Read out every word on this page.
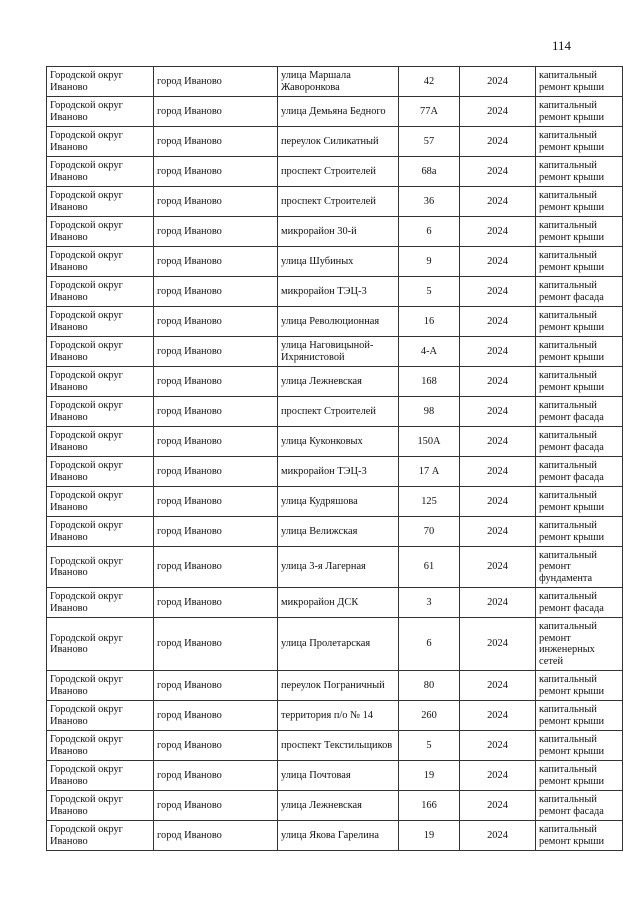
114
Городской округ Иваново	город Иваново	улица Маршала Жаворонкова	42	2024	капитальный ремонт крыши
Городской округ Иваново	город Иваново	улица Демьяна Бедного	77А	2024	капитальный ремонт крыши
Городской округ Иваново	город Иваново	переулок Силикатный	57	2024	капитальный ремонт крыши
Городской округ Иваново	город Иваново	проспект Строителей	68а	2024	капитальный ремонт крыши
Городской округ Иваново	город Иваново	проспект Строителей	36	2024	капитальный ремонт крыши
Городской округ Иваново	город Иваново	микрорайон 30-й	6	2024	капитальный ремонт крыши
Городской округ Иваново	город Иваново	улица Шубиных	9	2024	капитальный ремонт крыши
Городской округ Иваново	город Иваново	микрорайон ТЭЦ-3	5	2024	капитальный ремонт фасада
Городской округ Иваново	город Иваново	улица Революционная	16	2024	капитальный ремонт крыши
Городской округ Иваново	город Иваново	улица Наговицыной-Ихрянистовой	4-А	2024	капитальный ремонт крыши
Городской округ Иваново	город Иваново	улица Лежневская	168	2024	капитальный ремонт крыши
Городской округ Иваново	город Иваново	проспект Строителей	98	2024	капитальный ремонт фасада
Городской округ Иваново	город Иваново	улица Куконковых	150А	2024	капитальный ремонт фасада
Городской округ Иваново	город Иваново	микрорайон ТЭЦ-3	17 А	2024	капитальный ремонт фасада
Городской округ Иваново	город Иваново	улица Кудряшова	125	2024	капитальный ремонт крыши
Городской округ Иваново	город Иваново	улица Велижская	70	2024	капитальный ремонт крыши
Городской округ Иваново	город Иваново	улица 3-я Лагерная	61	2024	капитальный ремонт фундамента
Городской округ Иваново	город Иваново	микрорайон ДСК	3	2024	капитальный ремонт фасада
Городской округ Иваново	город Иваново	улица Пролетарская	6	2024	капитальный ремонт инженерных сетей
Городской округ Иваново	город Иваново	переулок Пограничный	80	2024	капитальный ремонт крыши
Городской округ Иваново	город Иваново	территория п/о № 14	260	2024	капитальный ремонт крыши
Городской округ Иваново	город Иваново	проспект Текстильщиков	5	2024	капитальный ремонт крыши
Городской округ Иваново	город Иваново	улица Почтовая	19	2024	капитальный ремонт крыши
Городской округ Иваново	город Иваново	улица Лежневская	166	2024	капитальный ремонт фасада
Городской округ Иваново	город Иваново	улица Якова Гарелина	19	2024	капитальный ремонт крыши
